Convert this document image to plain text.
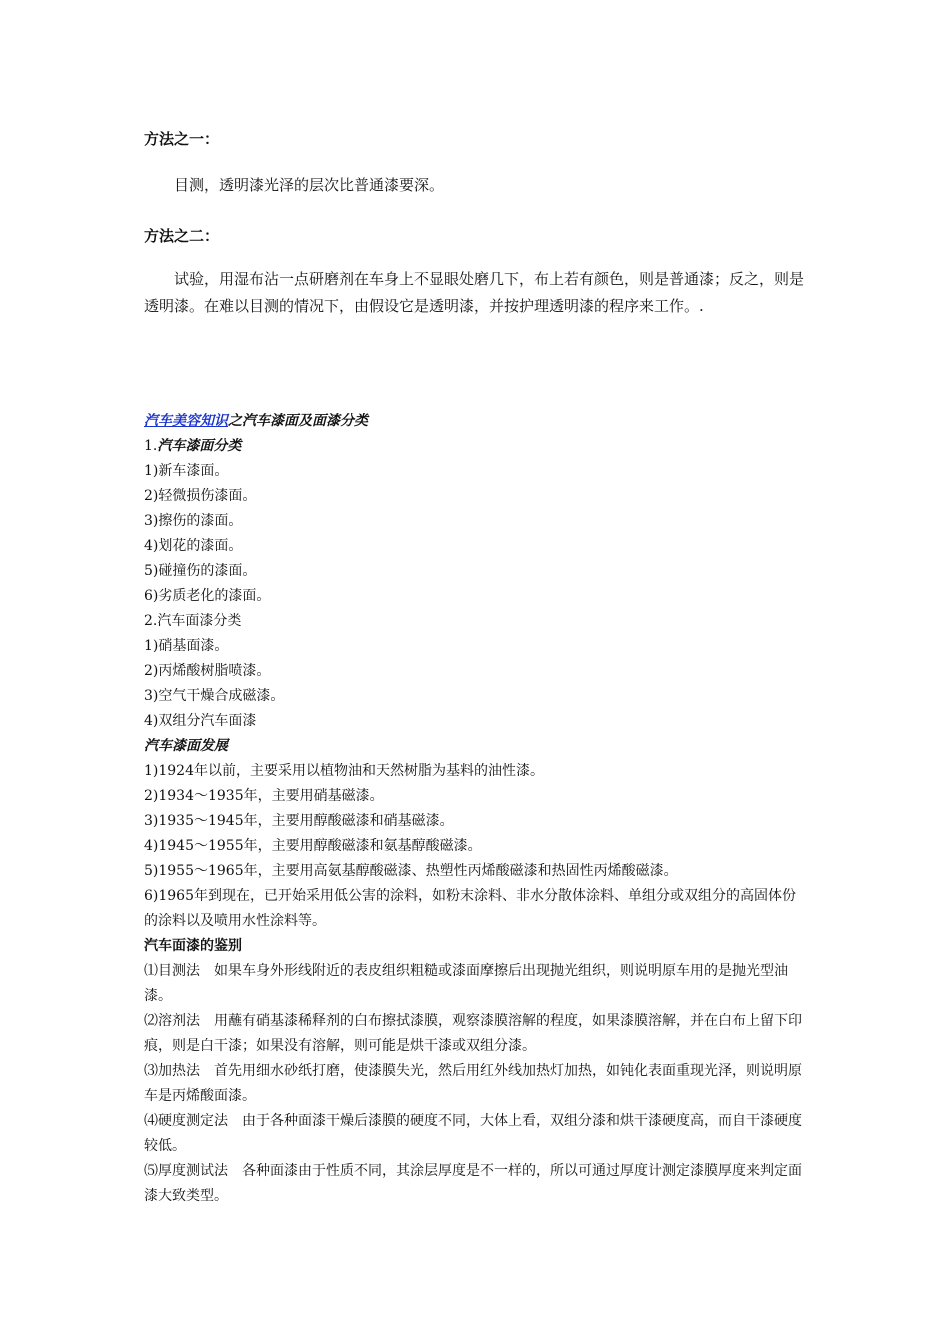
方法之一：

目测，透明漆光泽的层次比普通漆要深。

方法之二：

试验，用湿布沾一点研磨剂在车身上不显眼处磨几下，布上若有颜色，则是普通漆；反之，则是透明漆。在难以目测的情况下，由假设它是透明漆，并按护理透明漆的程序来工作。.

汽车美容知识之汽车漆面及面漆分类

1.汽车漆面分类

1)新车漆面。

2)轻微损伤漆面。

3)擦伤的漆面。

4)划花的漆面。

5)碰撞伤的漆面。

6)劣质老化的漆面。

2.汽车面漆分类

1)硝基面漆。

2)丙烯酸树脂喷漆。

3)空气干燥合成磁漆。

4)双组分汽车面漆

汽车漆面发展

1)1924年以前，主要采用以植物油和天然树脂为基料的油性漆。

2)1934～1935年，主要用硝基磁漆。

3)1935～1945年，主要用醇酸磁漆和硝基磁漆。

4)1945～1955年，主要用醇酸磁漆和氨基醇酸磁漆。

5)1955～1965年，主要用高氨基醇酸磁漆、热塑性丙烯酸磁漆和热固性丙烯酸磁漆。

6)1965年到现在，已开始采用低公害的涂料，如粉末涂料、非水分散体涂料、单组分或双组分的高固体份的涂料以及喷用水性涂料等。

汽车面漆的鉴别

⑴目测法　如果车身外形线附近的表皮组织粗糙或漆面摩擦后出现抛光组织，则说明原车用的是抛光型油漆。

⑵溶剂法　用蘸有硝基漆稀释剂的白布擦拭漆膜，观察漆膜溶解的程度，如果漆膜溶解，并在白布上留下印痕，则是白干漆；如果没有溶解，则可能是烘干漆或双组分漆。

⑶加热法　首先用细水砂纸打磨，使漆膜失光，然后用红外线加热灯加热，如钝化表面重现光泽，则说明原车是丙烯酸面漆。

⑷硬度测定法　由于各种面漆干燥后漆膜的硬度不同，大体上看，双组分漆和烘干漆硬度高，而自干漆硬度较低。

⑸厚度测试法　各种面漆由于性质不同，其涂层厚度是不一样的，所以可通过厚度计测定漆膜厚度来判定面漆大致类型。
